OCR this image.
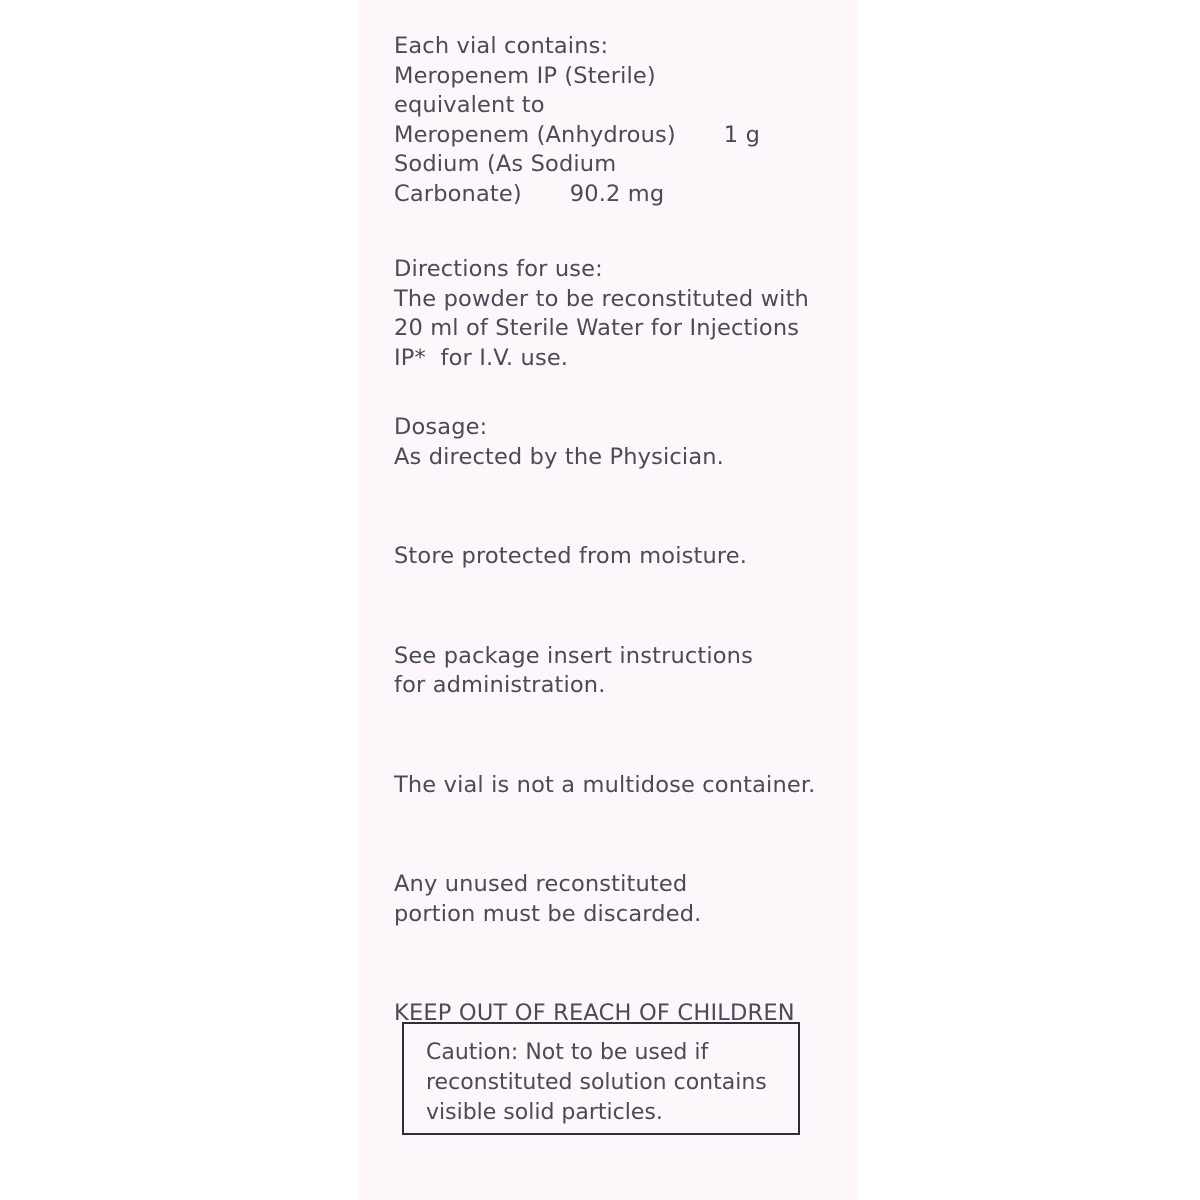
Each vial contains:
Meropenem IP (Sterile)
equivalent to
Meropenem (Anhydrous) 1 g
Sodium (As Sodium
Carbonate) 90.2 mg
Directions for use:
The powder to be reconstituted with
20 ml of Sterile Water for Injections
IP*  for I.V. use.
Dosage:
As directed by the Physician.
Store protected from moisture.
See package insert instructions
for administration.
The vial is not a multidose container.
Any unused reconstituted
portion must be discarded.
KEEP OUT OF REACH OF CHILDREN
Caution: Not to be used if
reconstituted solution contains
visible solid particles.
